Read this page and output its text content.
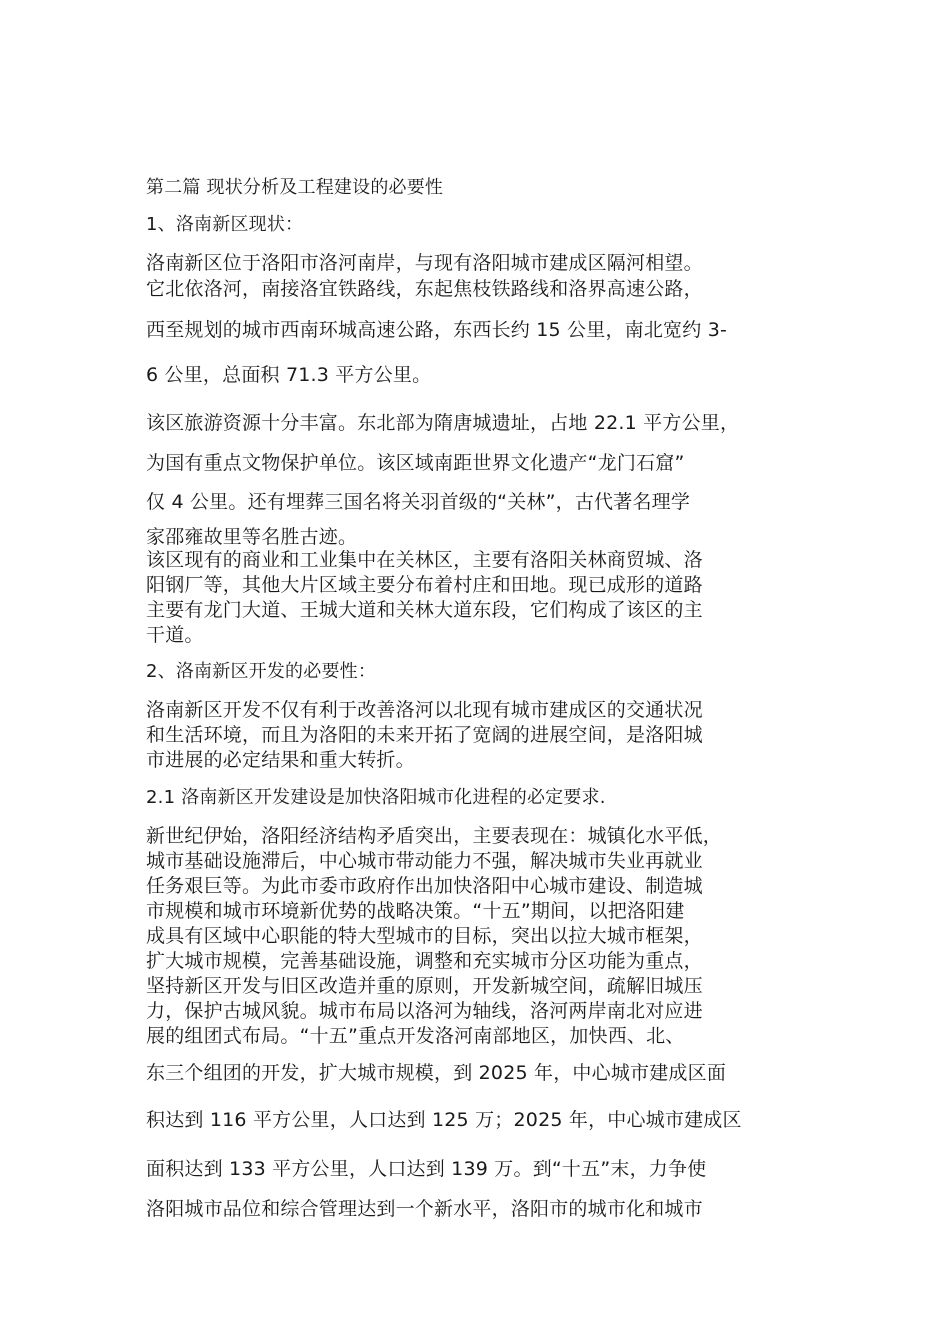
第二篇 现状分析及工程建设的必要性
1、洛南新区现状：
洛南新区位于洛阳市洛河南岸，与现有洛阳城市建成区隔河相望。
它北依洛河，南接洛宜铁路线，东起焦枝铁路线和洛界高速公路，
西至规划的城市西南环城高速公路，东西长约 15 公里，南北宽约 3-
6 公里，总面积 71.3 平方公里。
该区旅游资源十分丰富。东北部为隋唐城遗址，占地 22.1 平方公里，
为国有重点文物保护单位。该区域南距世界文化遗产“龙门石窟”
仅 4 公里。还有埋葬三国名将关羽首级的“关林”，古代著名理学
家邵雍故里等名胜古迹。
该区现有的商业和工业集中在关林区，主要有洛阳关林商贸城、洛
阳钢厂等，其他大片区域主要分布着村庄和田地。现已成形的道路
主要有龙门大道、王城大道和关林大道东段，它们构成了该区的主
干道。
2、洛南新区开发的必要性：
洛南新区开发不仅有利于改善洛河以北现有城市建成区的交通状况
和生活环境，而且为洛阳的未来开拓了宽阔的进展空间，是洛阳城
市进展的必定结果和重大转折。
2.1 洛南新区开发建设是加快洛阳城市化进程的必定要求.
新世纪伊始，洛阳经济结构矛盾突出，主要表现在：城镇化水平低，
城市基础设施滞后，中心城市带动能力不强，解决城市失业再就业
任务艰巨等。为此市委市政府作出加快洛阳中心城市建设、制造城
市规模和城市环境新优势的战略决策。“十五”期间，以把洛阳建
成具有区域中心职能的特大型城市的目标，突出以拉大城市框架，
扩大城市规模，完善基础设施，调整和充实城市分区功能为重点，
坚持新区开发与旧区改造并重的原则，开发新城空间，疏解旧城压
力，保护古城风貌。城市布局以洛河为轴线，洛河两岸南北对应进
展的组团式布局。“十五”重点开发洛河南部地区，加快西、北、
东三个组团的开发，扩大城市规模，到 2025 年，中心城市建成区面
积达到 116 平方公里，人口达到 125 万；2025 年，中心城市建成区
面积达到 133 平方公里，人口达到 139 万。到“十五”末，力争使
洛阳城市品位和综合管理达到一个新水平，洛阳市的城市化和城市
